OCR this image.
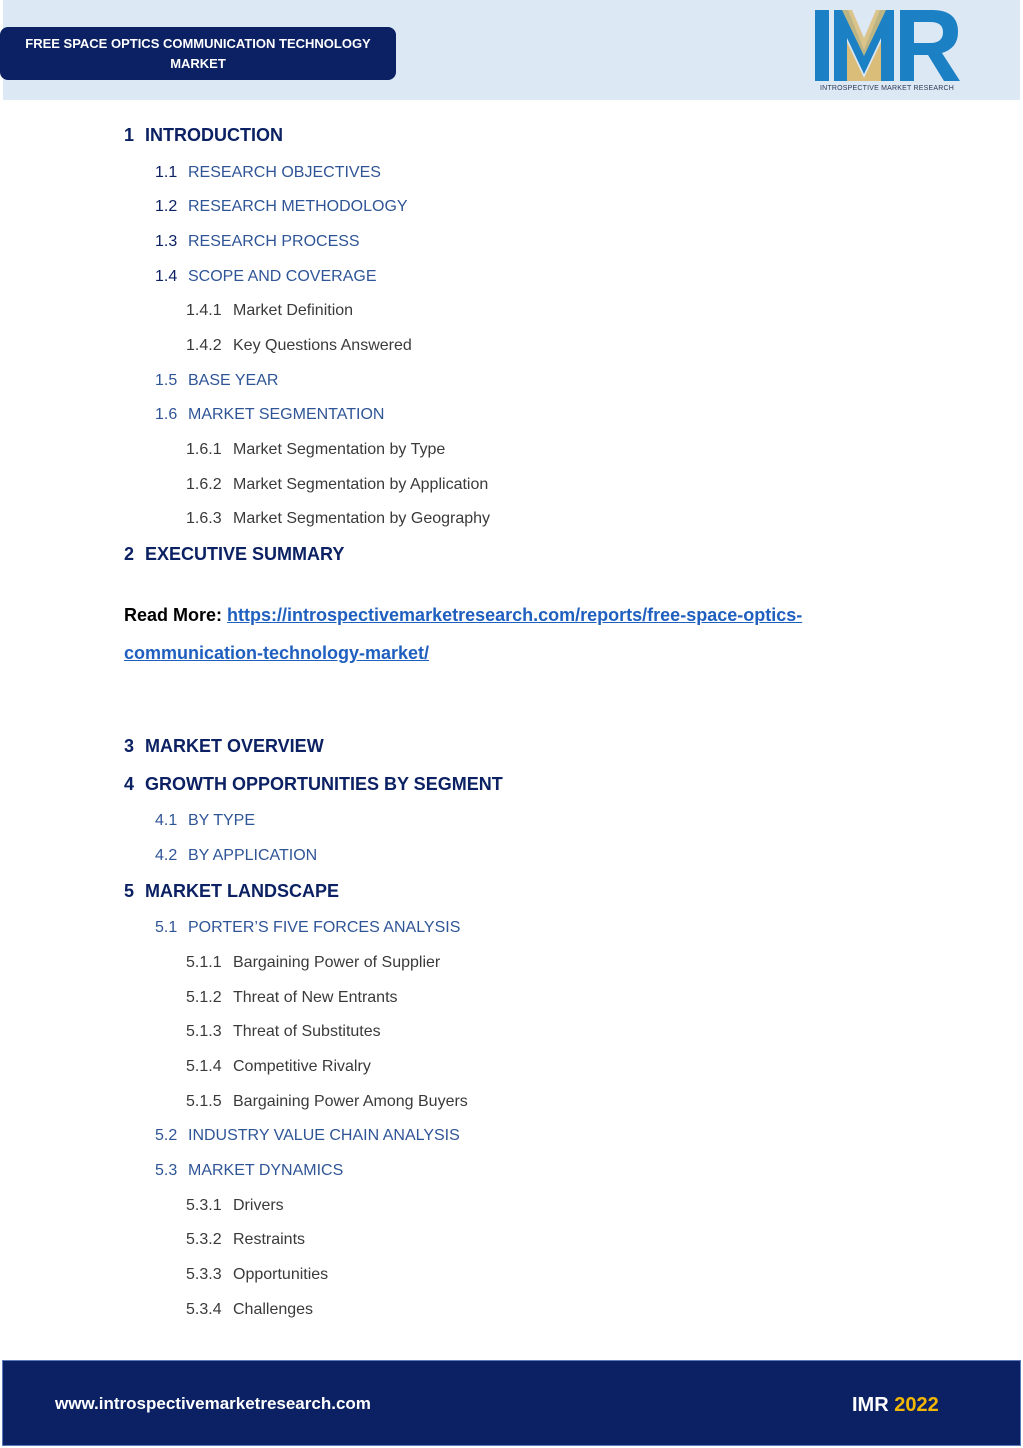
FREE SPACE OPTICS COMMUNICATION TECHNOLOGY
MARKET
INTROSPECTIVE MARKET RESEARCH
1 INTRODUCTION
1.1 RESEARCH OBJECTIVES
1.2 RESEARCH METHODOLOGY
1.3 RESEARCH PROCESS
1.4 SCOPE AND COVERAGE
1.4.1 Market Definition
1.4.2 Key Questions Answered
1.5 BASE YEAR
1.6 MARKET SEGMENTATION
1.6.1 Market Segmentation by Type
1.6.2 Market Segmentation by Application
1.6.3 Market Segmentation by Geography
2 EXECUTIVE SUMMARY
Read More: https://introspectivemarketresearch.com/reports/free-space-optics-
communication-technology-market/
3 MARKET OVERVIEW
4 GROWTH OPPORTUNITIES BY SEGMENT
4.1 BY TYPE
4.2 BY APPLICATION
5 MARKET LANDSCAPE
5.1 PORTER’S FIVE FORCES ANALYSIS
5.1.1 Bargaining Power of Supplier
5.1.2 Threat of New Entrants
5.1.3 Threat of Substitutes
5.1.4 Competitive Rivalry
5.1.5 Bargaining Power Among Buyers
5.2 INDUSTRY VALUE CHAIN ANALYSIS
5.3 MARKET DYNAMICS
5.3.1 Drivers
5.3.2 Restraints
5.3.3 Opportunities
5.3.4 Challenges
www.introspectivemarketresearch.com	IMR 2022
